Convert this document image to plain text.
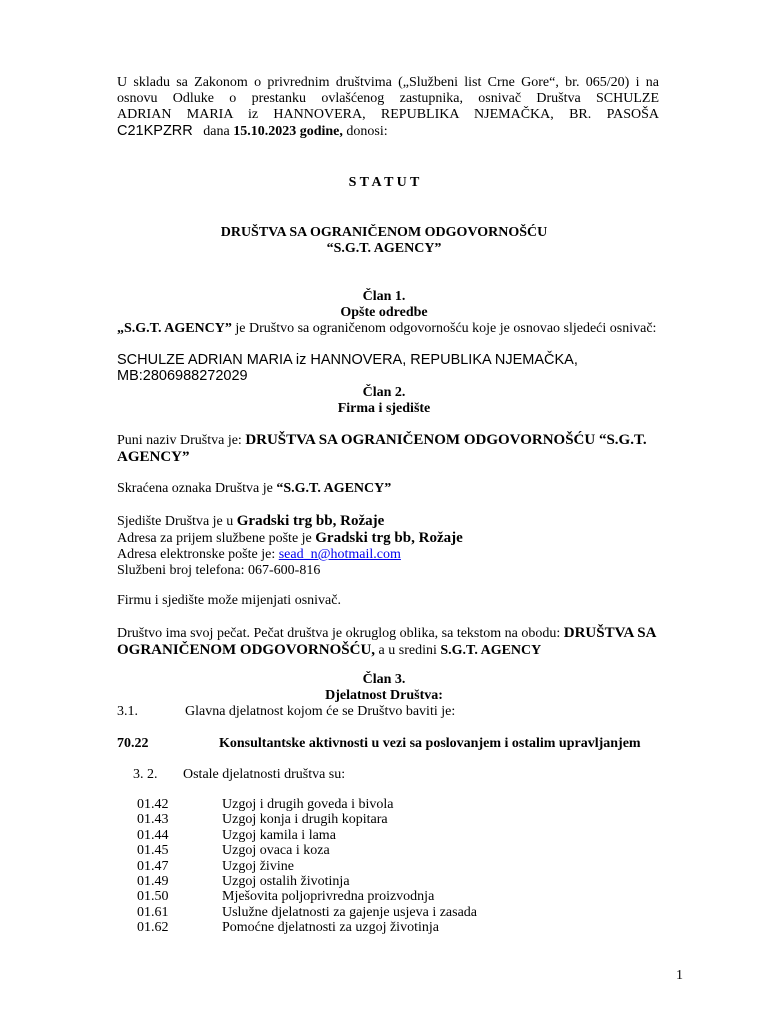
U skladu sa Zakonom o privrednim društvima („Službeni list Crne Gore“, br. 065/20) i na
osnovu Odluke o prestanku ovlašćenog zastupnika, osnivač Društva SCHULZE
ADRIAN MARIA iz HANNOVERA, REPUBLIKA NJEMAČKA, BR. PASOŠA
C21KPZRR dana 15.10.2023 godine, donosi:
S T A T U T
DRUŠTVA SA OGRANIČENOM ODGOVORNOŠĆU
“S.G.T. AGENCY”
Član 1.
Opšte odredbe
„S.G.T. AGENCY” je Društvo sa ograničenom odgovornošću koje je osnovao sljedeći osnivač:
SCHULZE ADRIAN MARIA iz HANNOVERA, REPUBLIKA NJEMAČKA,
MB:2806988272029
Član 2.
Firma i sjedište
Puni naziv Društva je: DRUŠTVA SA OGRANIČENOM ODGOVORNOŠĆU “S.G.T.
AGENCY”
Skraćena oznaka Društva je “S.G.T. AGENCY”
Sjedište Društva je u Gradski trg bb, Rožaje
Adresa za prijem službene pošte je Gradski trg bb, Rožaje
Adresa elektronske pošte je: sead_n@hotmail.com
Službeni broj telefona: 067-600-816
Firmu i sjedište može mijenjati osnivač.
Društvo ima svoj pečat. Pečat društva je okruglog oblika, sa tekstom na obodu: DRUŠTVA SA
OGRANIČENOM ODGOVORNOŠĆU, a u sredini S.G.T. AGENCY
Član 3.
Djelatnost Društva:
3.1.	Glavna djelatnost kojom će se Društvo baviti je:
70.22	Konsultantske aktivnosti u vezi sa poslovanjem i ostalim upravljanjem
3. 2. Ostale djelatnosti društva su:
01.42	Uzgoj i drugih goveda i bivola
01.43	Uzgoj konja i drugih kopitara
01.44	Uzgoj kamila i lama
01.45	Uzgoj ovaca i koza
01.47	Uzgoj živine
01.49	Uzgoj ostalih životinja
01.50	Mješovita poljoprivredna proizvodnja
01.61	Uslužne djelatnosti za gajenje usjeva i zasada
01.62	Pomoćne djelatnosti za uzgoj životinja
1
